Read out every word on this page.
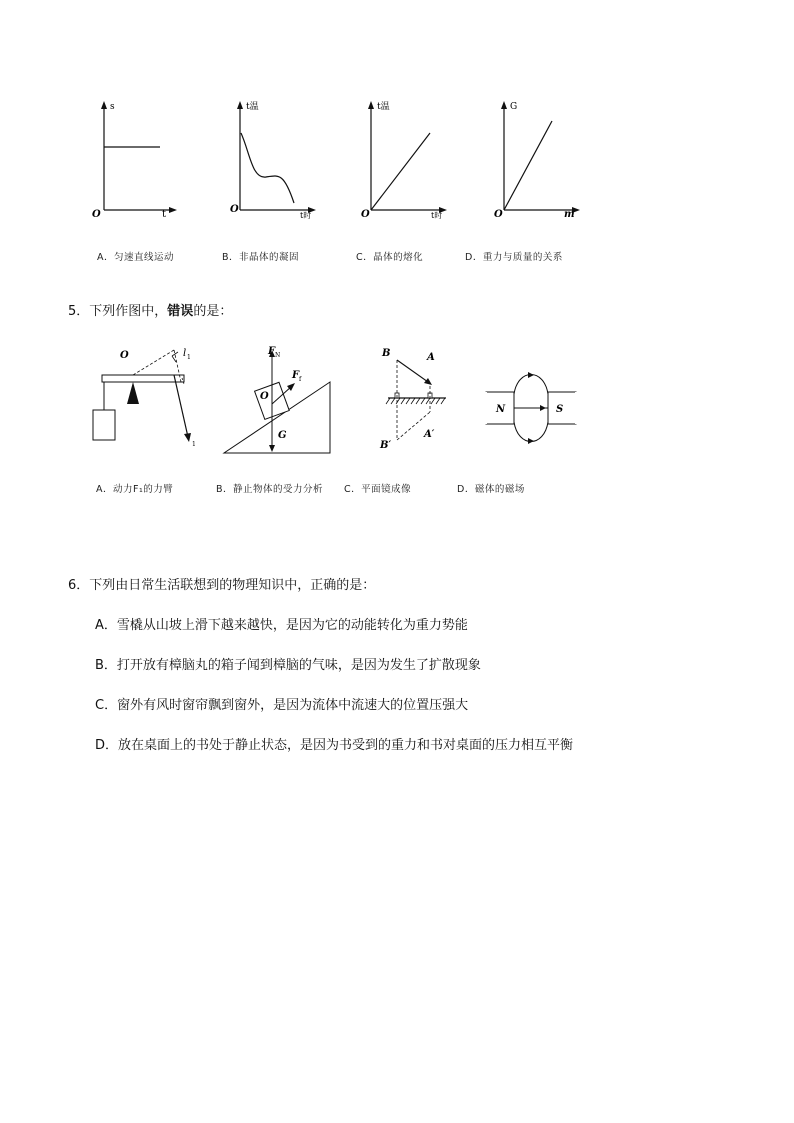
s
O	t
t温
O
t时
t温
O	t时
G
O	m
A．匀速直线运动	B．非晶体的凝固	C．晶体的熔化	D．重力与质量的关系
5．下列作图中，错误的是：
O	l 1
1
F N
F f
O
G
B	A
B′
A′
N	S
A．动力F₁的力臂	B．静止物体的受力分析 C．平面镜成像	D．磁体的磁场
6．下列由日常生活联想到的物理知识中，正确的是：
A．雪橇从山坡上滑下越来越快，是因为它的动能转化为重力势能
B．打开放有樟脑丸的箱子闻到樟脑的气味，是因为发生了扩散现象
C．窗外有风时窗帘飘到窗外，是因为流体中流速大的位置压强大
D．放在桌面上的书处于静止状态，是因为书受到的重力和书对桌面的压力相互平衡
